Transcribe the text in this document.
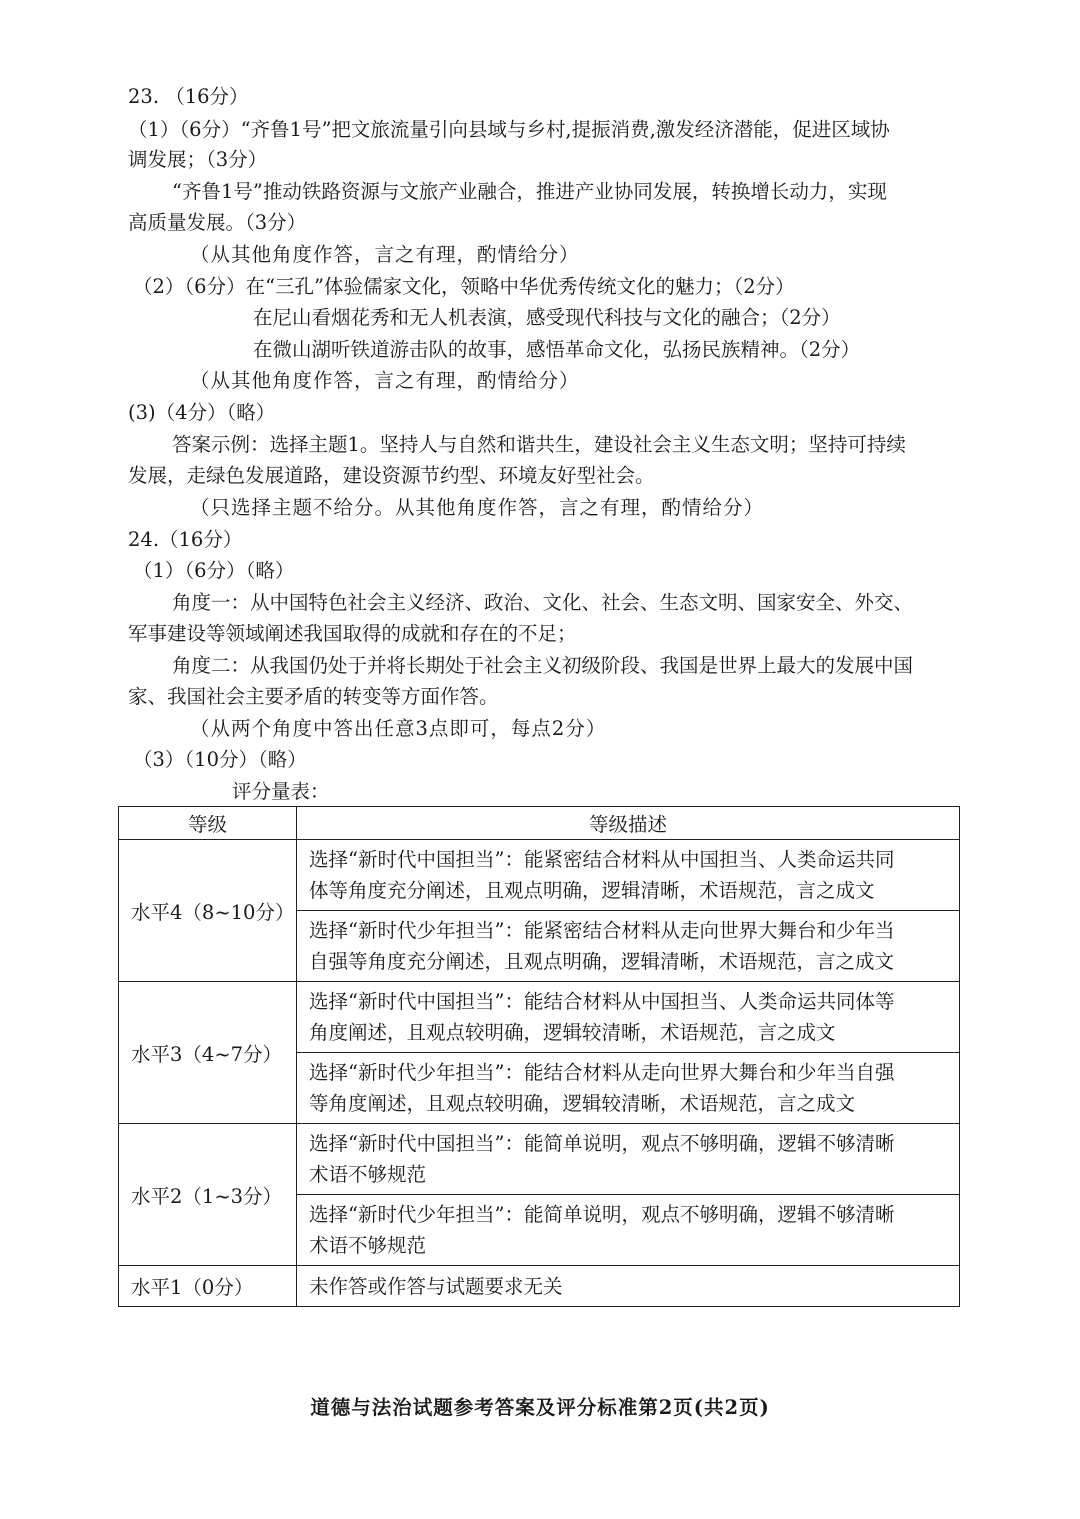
23. （16分）
（1）（6分）“齐鲁1号”把文旅流量引向县域与乡村,提振消费,激发经济潜能，促进区域协
调发展；（3分）
“齐鲁1号”推动铁路资源与文旅产业融合，推进产业协同发展，转换增长动力，实现
高质量发展。（3分）
（从其他角度作答，言之有理，酌情给分）
（2）（6分）在“三孔”体验儒家文化，领略中华优秀传统文化的魅力；（2分）
在尼山看烟花秀和无人机表演，感受现代科技与文化的融合；（2分）
在微山湖听铁道游击队的故事，感悟革命文化，弘扬民族精神。（2分）
（从其他角度作答，言之有理，酌情给分）
(3)（4分）（略）
答案示例：选择主题1。坚持人与自然和谐共生，建设社会主义生态文明；坚持可持续
发展，走绿色发展道路，建设资源节约型、环境友好型社会。
（只选择主题不给分。从其他角度作答，言之有理，酌情给分）
24.（16分）
（1）（6分）（略）
角度一：从中国特色社会主义经济、政治、文化、社会、生态文明、国家安全、外交、
军事建设等领域阐述我国取得的成就和存在的不足；
角度二：从我国仍处于并将长期处于社会主义初级阶段、我国是世界上最大的发展中国
家、我国社会主要矛盾的转变等方面作答。
（从两个角度中答出任意3点即可，每点2分）
（3）（10分）（略）
评分量表：
等级	等级描述
水平4（8~10分）	选择“新时代中国担当”：能紧密结合材料从中国担当、人类命运共同
体等角度充分阐述，且观点明确，逻辑清晰，术语规范，言之成文

	选择“新时代少年担当”：能紧密结合材料从走向世界大舞台和少年当
自强等角度充分阐述，且观点明确，逻辑清晰，术语规范，言之成文

水平3（4~7分）	选择“新时代中国担当”：能结合材料从中国担当、人类命运共同体等
角度阐述，且观点较明确，逻辑较清晰，术语规范，言之成文

	选择“新时代少年担当”：能结合材料从走向世界大舞台和少年当自强
等角度阐述，且观点较明确，逻辑较清晰，术语规范，言之成文

水平2（1~3分）	选择“新时代中国担当”：能简单说明，观点不够明确，逻辑不够清晰
术语不够规范

	选择“新时代少年担当”：能简单说明，观点不够明确，逻辑不够清晰
术语不够规范

水平1（0分）	未作答或作答与试题要求无关
道德与法治试题参考答案及评分标准第2页(共2页)
